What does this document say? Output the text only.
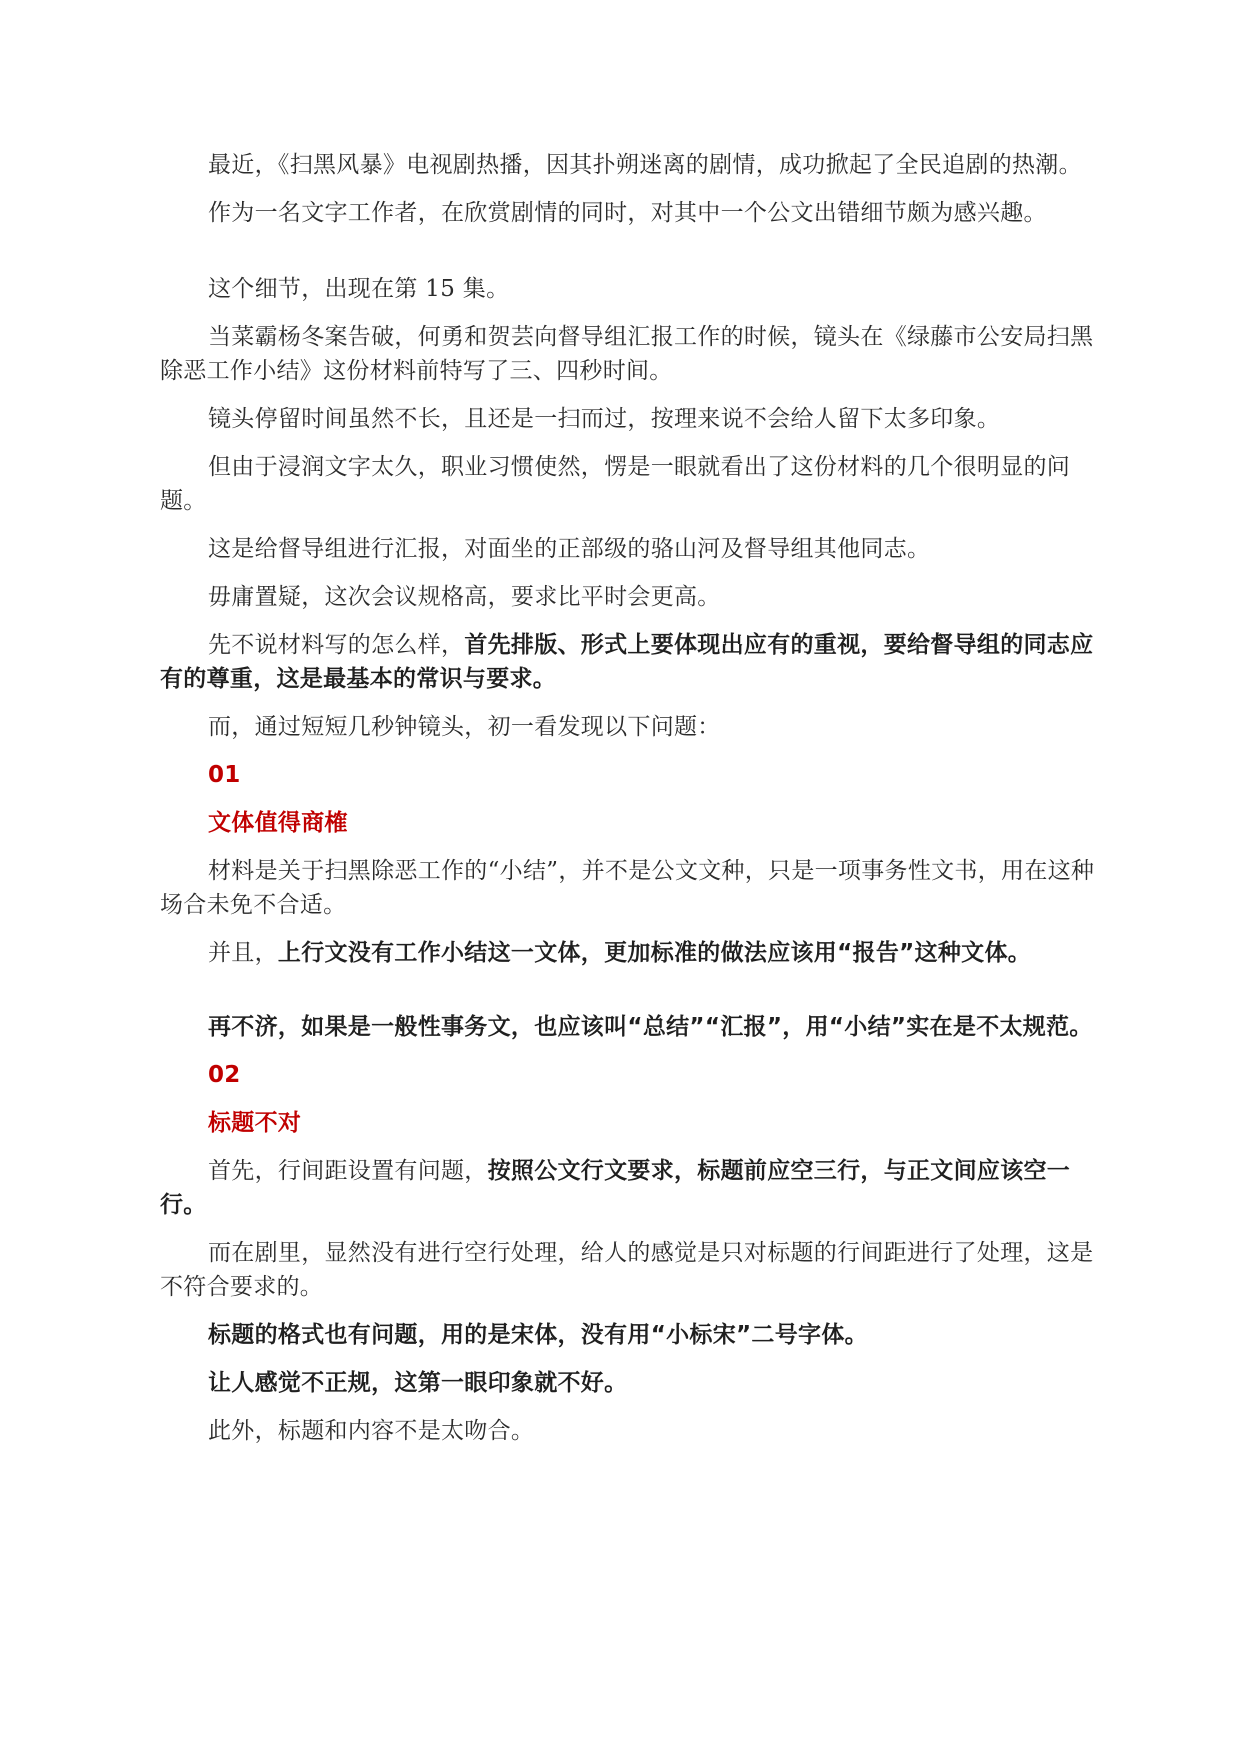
最近，《扫黑风暴》电视剧热播，因其扑朔迷离的剧情，成功掀起了全民追剧的热潮。

作为一名文字工作者，在欣赏剧情的同时，对其中一个公文出错细节颇为感兴趣。

这个细节，出现在第 15 集。

当菜霸杨冬案告破，何勇和贺芸向督导组汇报工作的时候，镜头在《绿藤市公安局扫黑除恶工作小结》这份材料前特写了三、四秒时间。

镜头停留时间虽然不长，且还是一扫而过，按理来说不会给人留下太多印象。

但由于浸润文字太久，职业习惯使然，愣是一眼就看出了这份材料的几个很明显的问题。

这是给督导组进行汇报，对面坐的正部级的骆山河及督导组其他同志。

毋庸置疑，这次会议规格高，要求比平时会更高。

先不说材料写的怎么样，首先排版、形式上要体现出应有的重视，要给督导组的同志应有的尊重，这是最基本的常识与要求。

而，通过短短几秒钟镜头，初一看发现以下问题：

01

文体值得商榷

材料是关于扫黑除恶工作的“小结”，并不是公文文种，只是一项事务性文书，用在这种场合未免不合适。

并且，上行文没有工作小结这一文体，更加标准的做法应该用“报告”这种文体。

再不济，如果是一般性事务文，也应该叫“总结”“汇报”，用“小结”实在是不太规范。

02

标题不对

首先，行间距设置有问题，按照公文行文要求，标题前应空三行，与正文间应该空一行。

而在剧里，显然没有进行空行处理，给人的感觉是只对标题的行间距进行了处理，这是不符合要求的。

标题的格式也有问题，用的是宋体，没有用“小标宋”二号字体。

让人感觉不正规，这第一眼印象就不好。

此外，标题和内容不是太吻合。
